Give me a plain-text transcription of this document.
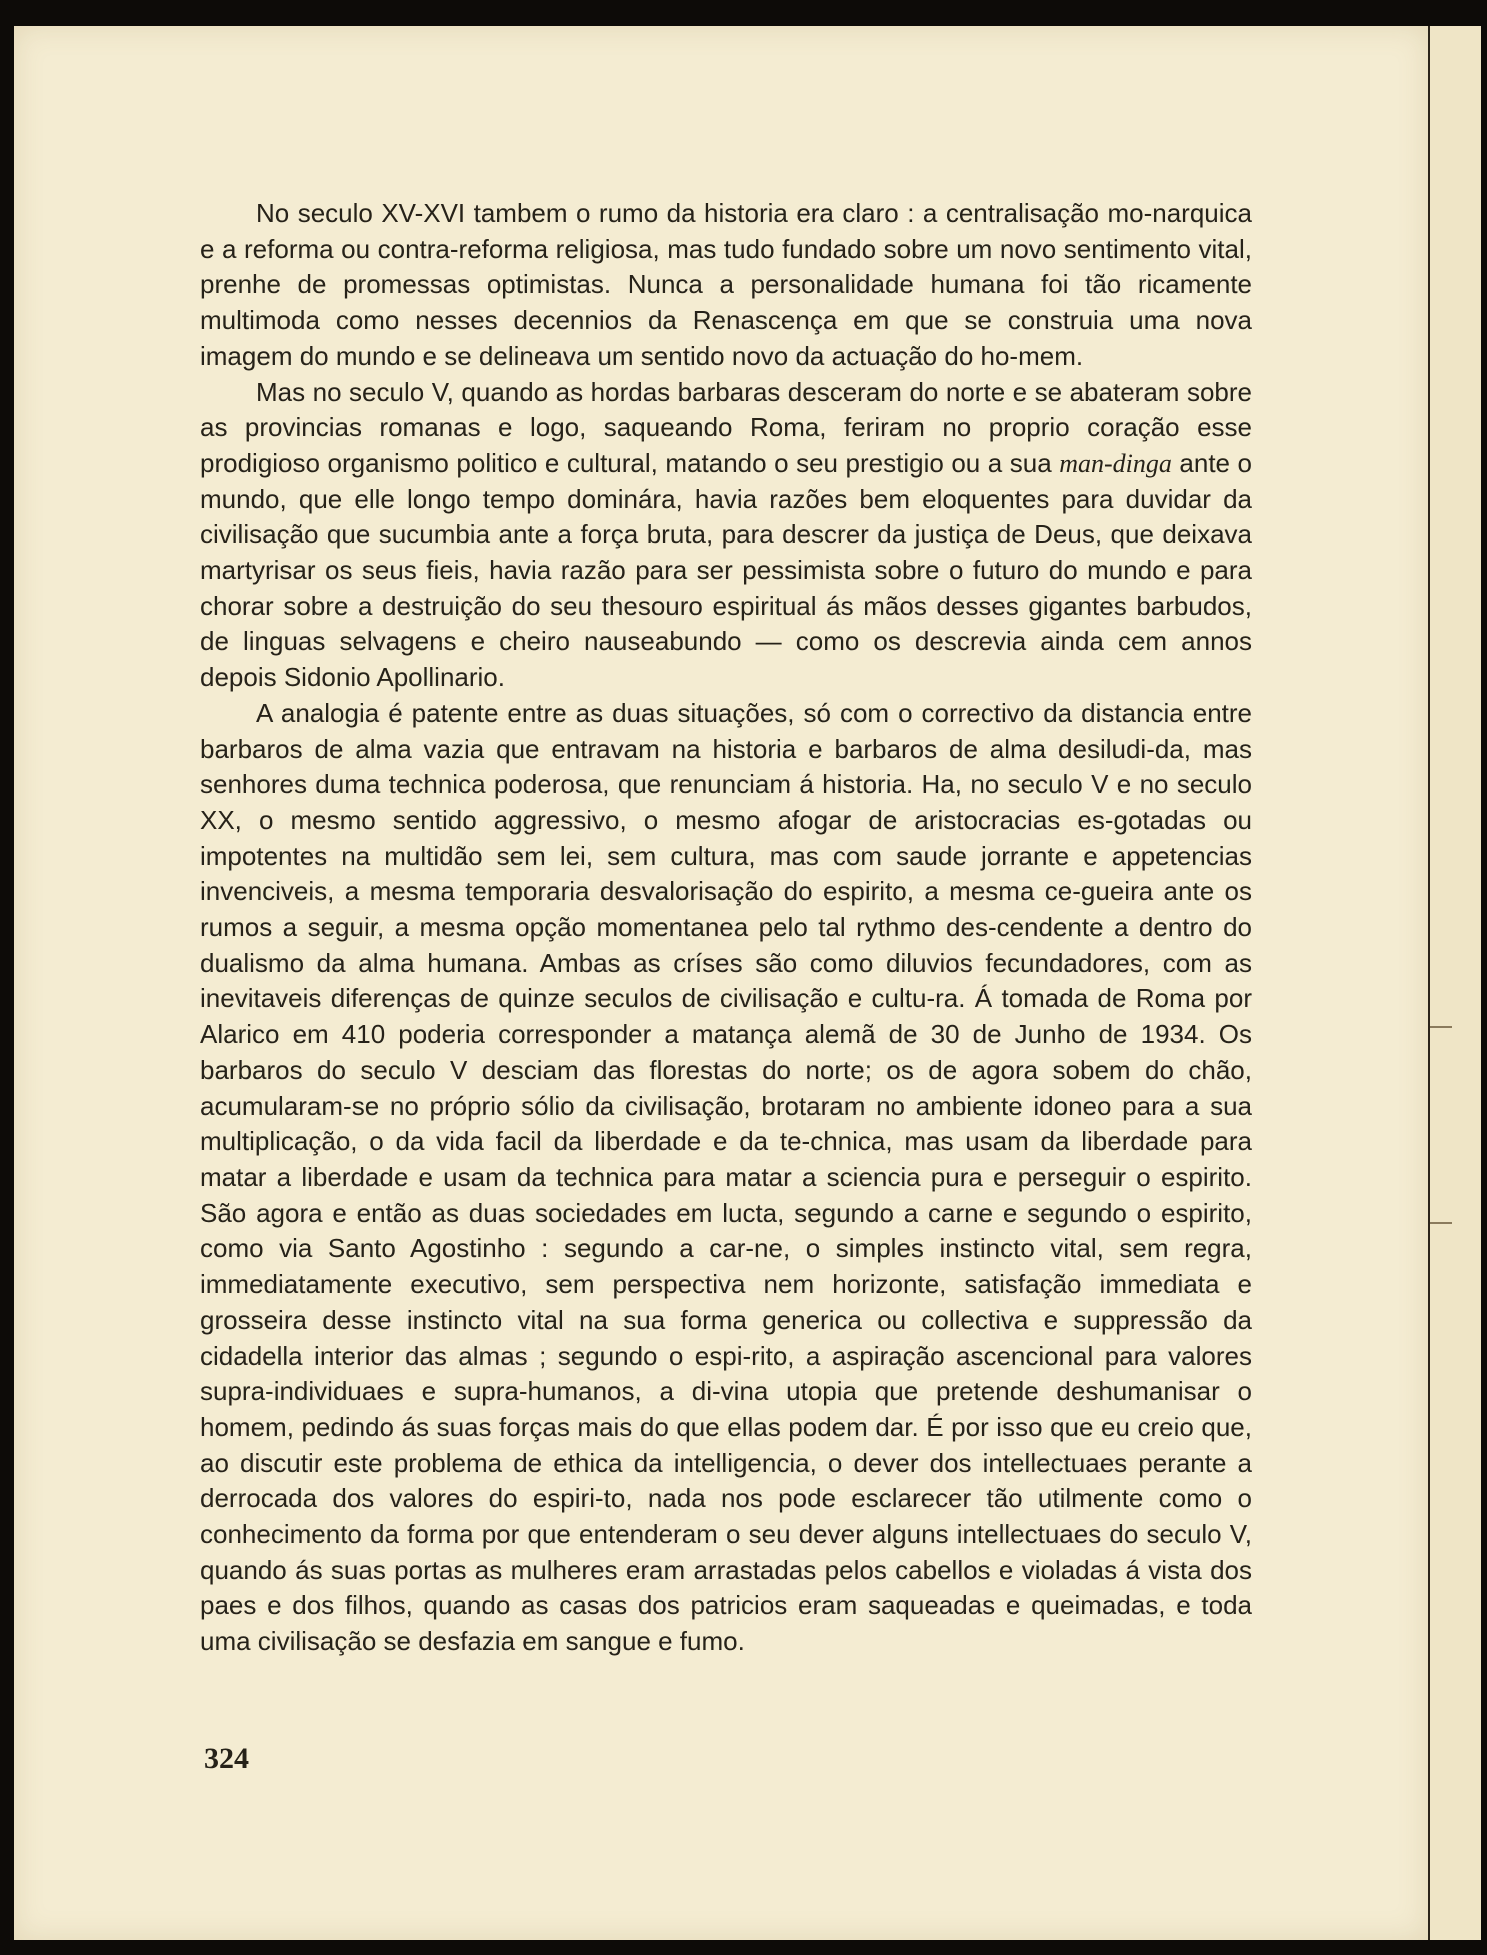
No seculo XV-XVI tambem o rumo da historia era claro : a centralisação mo-narquica e a reforma ou contra-reforma religiosa, mas tudo fundado sobre um novo sentimento vital, prenhe de promessas optimistas. Nunca a personalidade humana foi tão ricamente multimoda como nesses decennios da Renascença em que se construia uma nova imagem do mundo e se delineava um sentido novo da actuação do ho-mem.

Mas no seculo V, quando as hordas barbaras desceram do norte e se abateram sobre as provincias romanas e logo, saqueando Roma, feriram no proprio coração esse prodigioso organismo politico e cultural, matando o seu prestigio ou a sua man-dinga ante o mundo, que elle longo tempo dominára, havia razões bem eloquentes para duvidar da civilisação que sucumbia ante a força bruta, para descrer da justiça de Deus, que deixava martyrisar os seus fieis, havia razão para ser pessimista sobre o futuro do mundo e para chorar sobre a destruição do seu thesouro espiritual ás mãos desses gigantes barbudos, de linguas selvagens e cheiro nauseabundo — como os descrevia ainda cem annos depois Sidonio Apollinario.

A analogia é patente entre as duas situações, só com o correctivo da distancia entre barbaros de alma vazia que entravam na historia e barbaros de alma desiludi-da, mas senhores duma technica poderosa, que renunciam á historia. Ha, no seculo V e no seculo XX, o mesmo sentido aggressivo, o mesmo afogar de aristocracias es-gotadas ou impotentes na multidão sem lei, sem cultura, mas com saude jorrante e appetencias invenciveis, a mesma temporaria desvalorisação do espirito, a mesma ce-gueira ante os rumos a seguir, a mesma opção momentanea pelo tal rythmo des-cendente a dentro do dualismo da alma humana. Ambas as críses são como diluvios fecundadores, com as inevitaveis diferenças de quinze seculos de civilisação e cultu-ra. Á tomada de Roma por Alarico em 410 poderia corresponder a matança alemã de 30 de Junho de 1934. Os barbaros do seculo V desciam das florestas do norte; os de agora sobem do chão, acumularam-se no próprio sólio da civilisação, brotaram no ambiente idoneo para a sua multiplicação, o da vida facil da liberdade e da te-chnica, mas usam da liberdade para matar a liberdade e usam da technica para matar a sciencia pura e perseguir o espirito. São agora e então as duas sociedades em lucta, segundo a carne e segundo o espirito, como via Santo Agostinho : segundo a car-ne, o simples instincto vital, sem regra, immediatamente executivo, sem perspectiva nem horizonte, satisfação immediata e grosseira desse instincto vital na sua forma generica ou collectiva e suppressão da cidadella interior das almas ; segundo o espi-rito, a aspiração ascencional para valores supra-individuaes e supra-humanos, a di-vina utopia que pretende deshumanisar o homem, pedindo ás suas forças mais do que ellas podem dar. É por isso que eu creio que, ao discutir este problema de ethica da intelligencia, o dever dos intellectuaes perante a derrocada dos valores do espiri-to, nada nos pode esclarecer tão utilmente como o conhecimento da forma por que entenderam o seu dever alguns intellectuaes do seculo V, quando ás suas portas as mulheres eram arrastadas pelos cabellos e violadas á vista dos paes e dos filhos, quando as casas dos patricios eram saqueadas e queimadas, e toda uma civilisação se desfazia em sangue e fumo.

324
